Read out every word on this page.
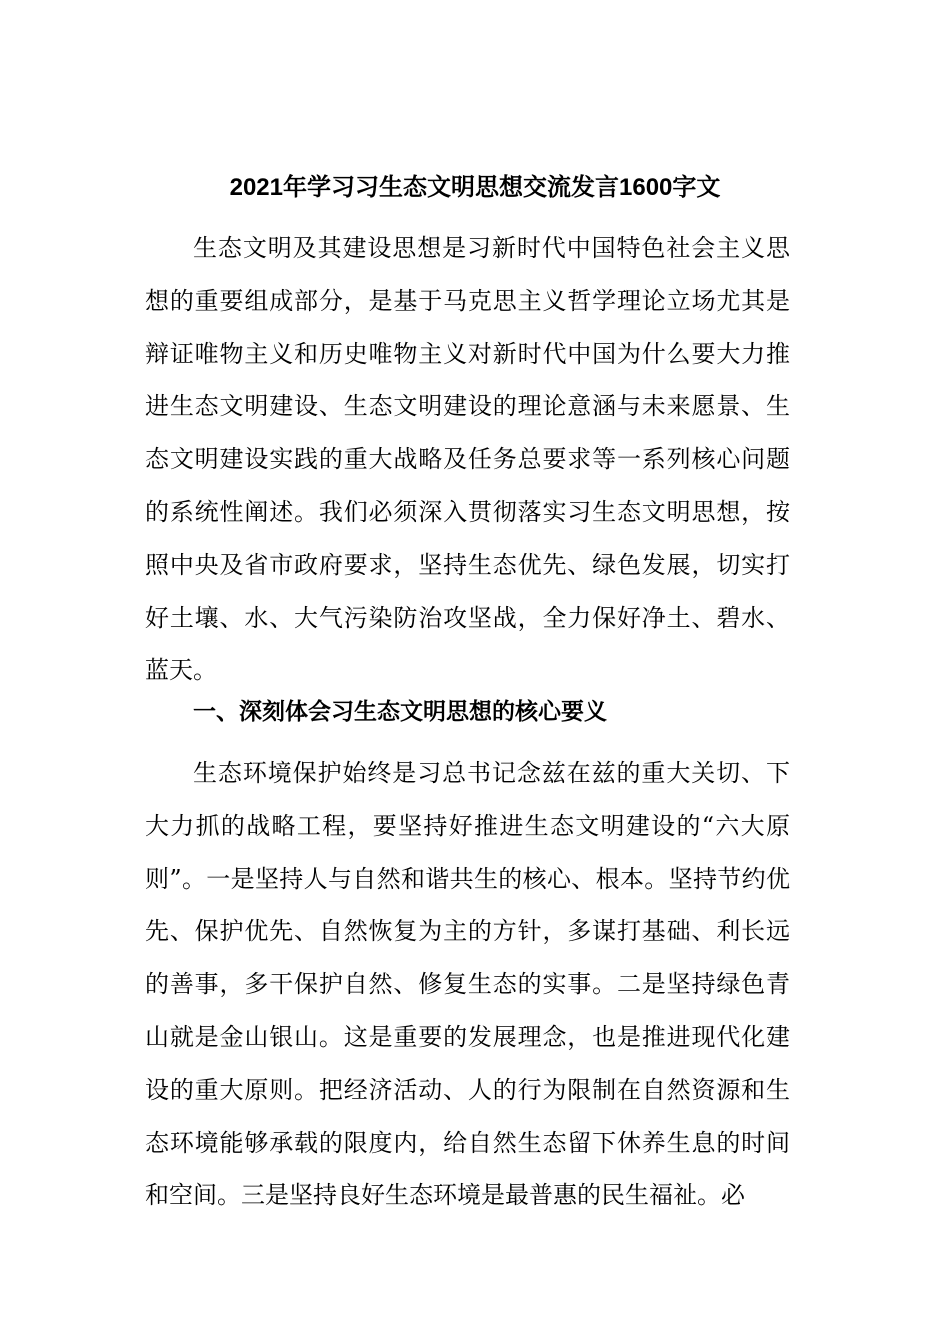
2021年学习习生态文明思想交流发言1600字文

生态文明及其建设思想是习新时代中国特色社会主义思想的重要组成部分，是基于马克思主义哲学理论立场尤其是辩证唯物主义和历史唯物主义对新时代中国为什么要大力推进生态文明建设、生态文明建设的理论意涵与未来愿景、生态文明建设实践的重大战略及任务总要求等一系列核心问题的系统性阐述。我们必须深入贯彻落实习生态文明思想，按照中央及省市政府要求，坚持生态优先、绿色发展，切实打好土壤、水、大气污染防治攻坚战，全力保好净土、碧水、蓝天。

一、深刻体会习生态文明思想的核心要义

生态环境保护始终是习总书记念兹在兹的重大关切、下大力抓的战略工程，要坚持好推进生态文明建设的“六大原则”。一是坚持人与自然和谐共生的核心、根本。坚持节约优先、保护优先、自然恢复为主的方针，多谋打基础、利长远的善事，多干保护自然、修复生态的实事。二是坚持绿色青山就是金山银山。这是重要的发展理念，也是推进现代化建设的重大原则。把经济活动、人的行为限制在自然资源和生态环境能够承载的限度内，给自然生态留下休养生息的时间和空间。三是坚持良好生态环境是最普惠的民生福祉。必
